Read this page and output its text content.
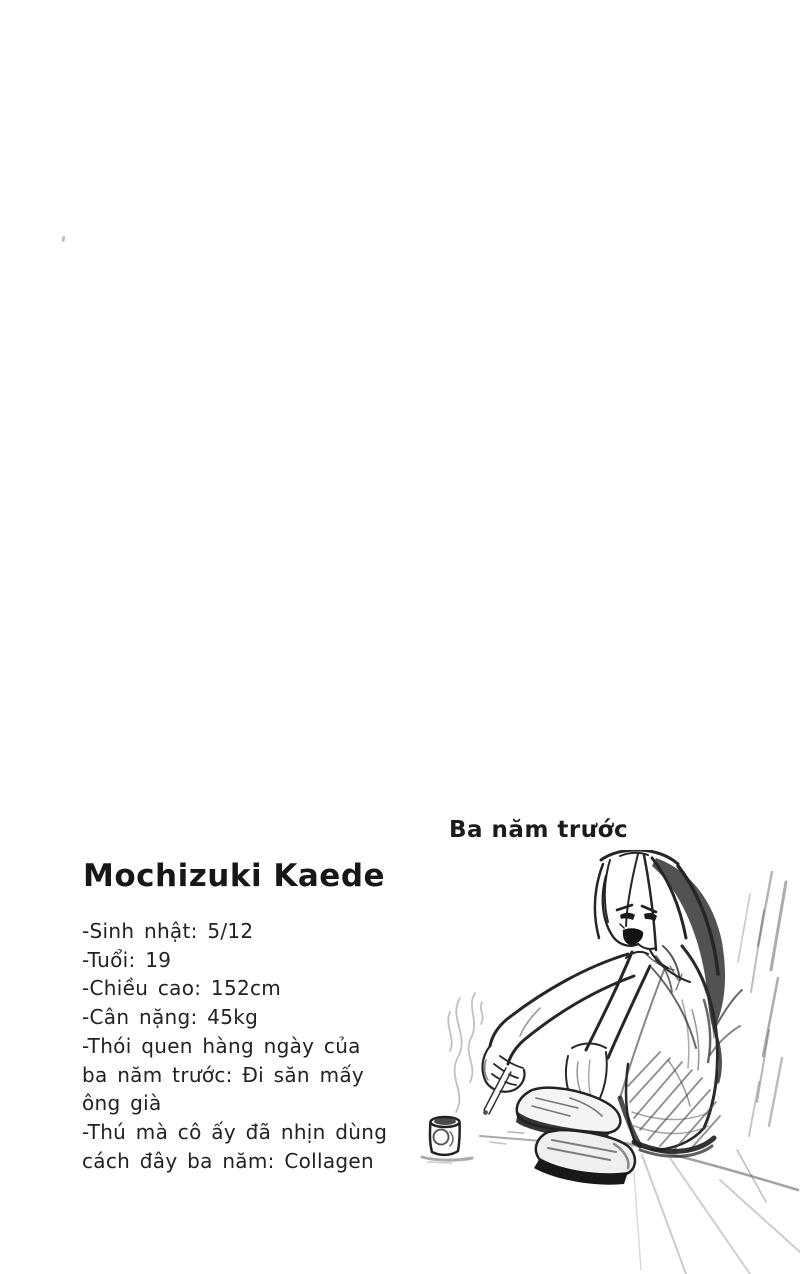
Ba năm trước
Mochizuki Kaede
-Sinh nhật: 5/12
-Tuổi: 19
-Chiều cao: 152cm
-Cân nặng: 45kg
-Thói quen hàng ngày của
ba năm trước: Đi săn mấy
ông già
-Thú mà cô ấy đã nhịn dùng
cách đây ba năm: Collagen
